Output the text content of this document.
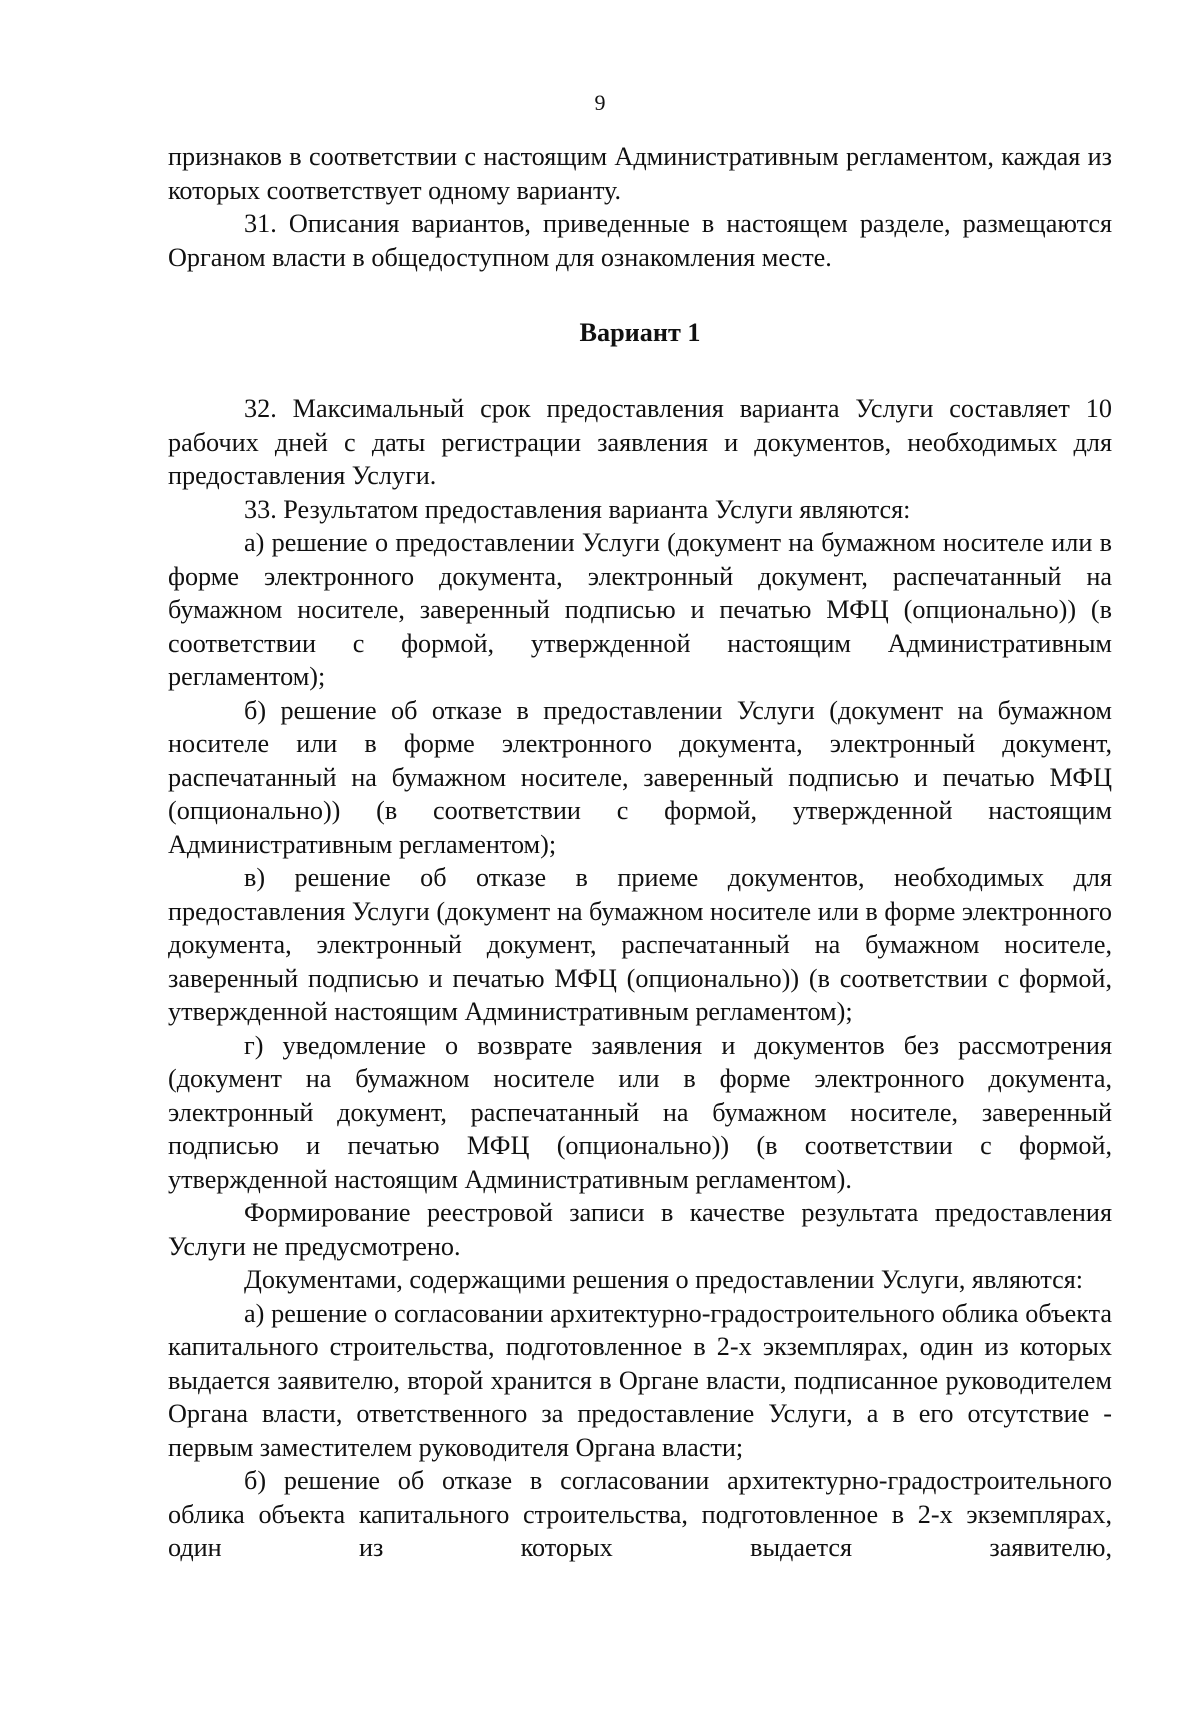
9

признаков в соответствии с настоящим Административным регламентом, каждая из которых соответствует одному варианту.

31. Описания вариантов, приведенные в настоящем разделе, размещаются Органом власти в общедоступном для ознакомления месте.

Вариант 1

32. Максимальный срок предоставления варианта Услуги составляет 10 рабочих дней с даты регистрации заявления и документов, необходимых для предоставления Услуги.

33. Результатом предоставления варианта Услуги являются:

а) решение о предоставлении Услуги (документ на бумажном носителе или в форме электронного документа, электронный документ, распечатанный на бумажном носителе, заверенный подписью и печатью МФЦ (опционально)) (в соответствии с формой, утвержденной настоящим Административным регламентом);

б) решение об отказе в предоставлении Услуги (документ на бумажном носителе или в форме электронного документа, электронный документ, распечатанный на бумажном носителе, заверенный подписью и печатью МФЦ (опционально)) (в соответствии с формой, утвержденной настоящим Административным регламентом);

в) решение об отказе в приеме документов, необходимых для предоставления Услуги (документ на бумажном носителе или в форме электронного документа, электронный документ, распечатанный на бумажном носителе, заверенный подписью и печатью МФЦ (опционально)) (в соответствии с формой, утвержденной настоящим Административным регламентом);

г) уведомление о возврате заявления и документов без рассмотрения (документ на бумажном носителе или в форме электронного документа, электронный документ, распечатанный на бумажном носителе, заверенный подписью и печатью МФЦ (опционально)) (в соответствии с формой, утвержденной настоящим Административным регламентом).

Формирование реестровой записи в качестве результата предоставления Услуги не предусмотрено.

Документами, содержащими решения о предоставлении Услуги, являются:

а) решение о согласовании архитектурно-градостроительного облика объекта капитального строительства, подготовленное в 2-х экземплярах, один из которых выдается заявителю, второй хранится в Органе власти, подписанное руководителем Органа власти, ответственного за предоставление Услуги, а в его отсутствие - первым заместителем руководителя Органа власти;

б) решение об отказе в согласовании архитектурно-градостроительного облика объекта капитального строительства, подготовленное в 2-х экземплярах, один из которых выдается заявителю,
